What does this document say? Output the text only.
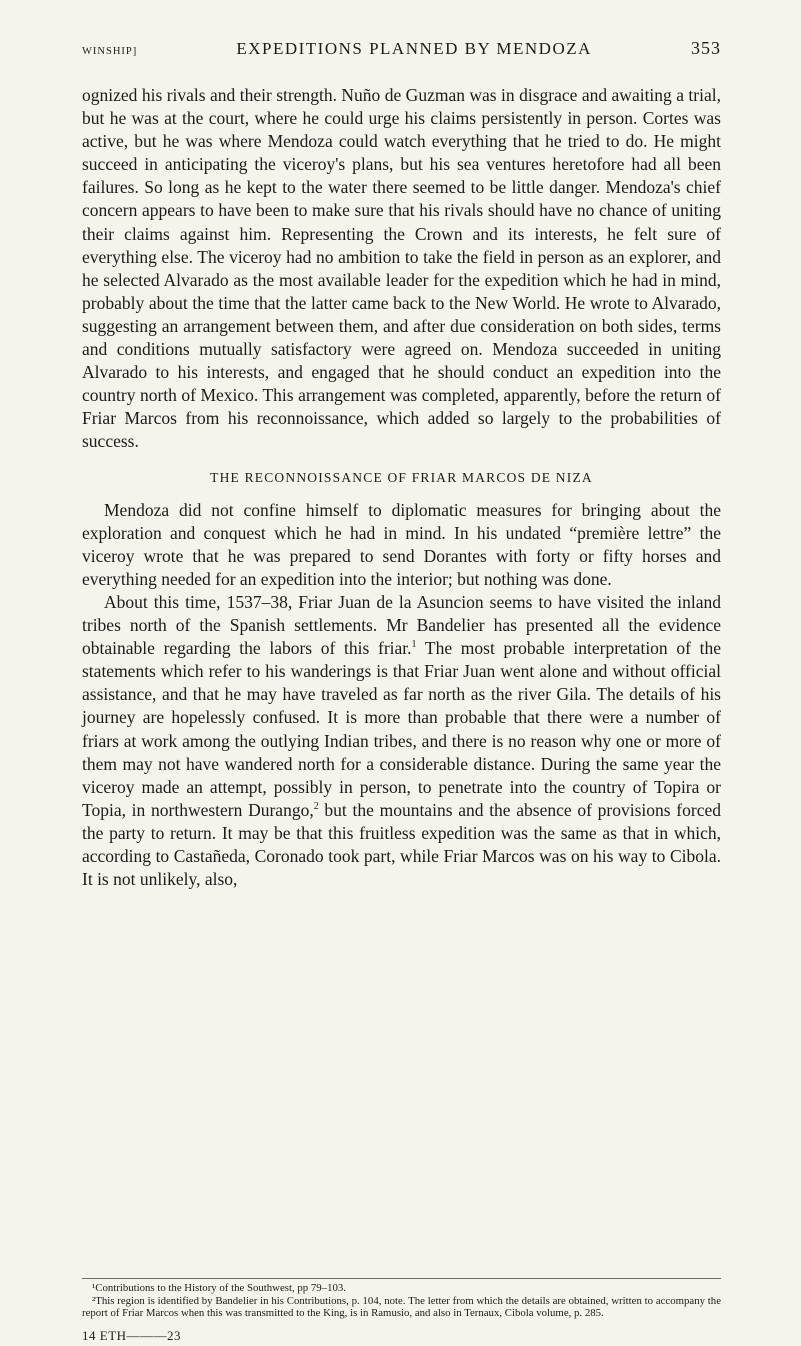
WINSHIP]	EXPEDITIONS PLANNED BY MENDOZA	353

ognized his rivals and their strength. Nuño de Guzman was in disgrace and awaiting a trial, but he was at the court, where he could urge his claims persistently in person. Cortes was active, but he was where Mendoza could watch everything that he tried to do. He might succeed in anticipating the viceroy's plans, but his sea ventures heretofore had all been failures. So long as he kept to the water there seemed to be little danger. Mendoza's chief concern appears to have been to make sure that his rivals should have no chance of uniting their claims against him. Representing the Crown and its interests, he felt sure of everything else. The viceroy had no ambition to take the field in person as an explorer, and he selected Alvarado as the most available leader for the expedition which he had in mind, probably about the time that the latter came back to the New World. He wrote to Alvarado, suggesting an arrangement between them, and after due consideration on both sides, terms and conditions mutually satisfactory were agreed on. Mendoza succeeded in uniting Alvarado to his interests, and engaged that he should conduct an expedition into the country north of Mexico. This arrangement was completed, apparently, before the return of Friar Marcos from his reconnoissance, which added so largely to the probabilities of success.

THE RECONNOISSANCE OF FRIAR MARCOS DE NIZA

Mendoza did not confine himself to diplomatic measures for bringing about the exploration and conquest which he had in mind. In his undated “première lettre” the viceroy wrote that he was prepared to send Dorantes with forty or fifty horses and everything needed for an expedition into the interior; but nothing was done.

About this time, 1537–38, Friar Juan de la Asuncion seems to have visited the inland tribes north of the Spanish settlements. Mr Bandelier has presented all the evidence obtainable regarding the labors of this friar.$^1$ The most probable interpretation of the statements which refer to his wanderings is that Friar Juan went alone and without official assistance, and that he may have traveled as far north as the river Gila. The details of his journey are hopelessly confused. It is more than probable that there were a number of friars at work among the outlying Indian tribes, and there is no reason why one or more of them may not have wandered north for a considerable distance. During the same year the viceroy made an attempt, possibly in person, to penetrate into the country of Topira or Topia, in northwestern Durango,$^2$ but the mountains and the absence of provisions forced the party to return. It may be that this fruitless expedition was the same as that in which, according to Castañeda, Coronado took part, while Friar Marcos was on his way to Cibola. It is not unlikely, also,

¹Contributions to the History of the Southwest, pp 79–103.

²This region is identified by Bandelier in his Contributions, p. 104, note. The letter from which the details are obtained, written to accompany the report of Friar Marcos when this was transmitted to the King, is in Ramusio, and also in Ternaux, Cibola volume, p. 285.

14 ETH———23
